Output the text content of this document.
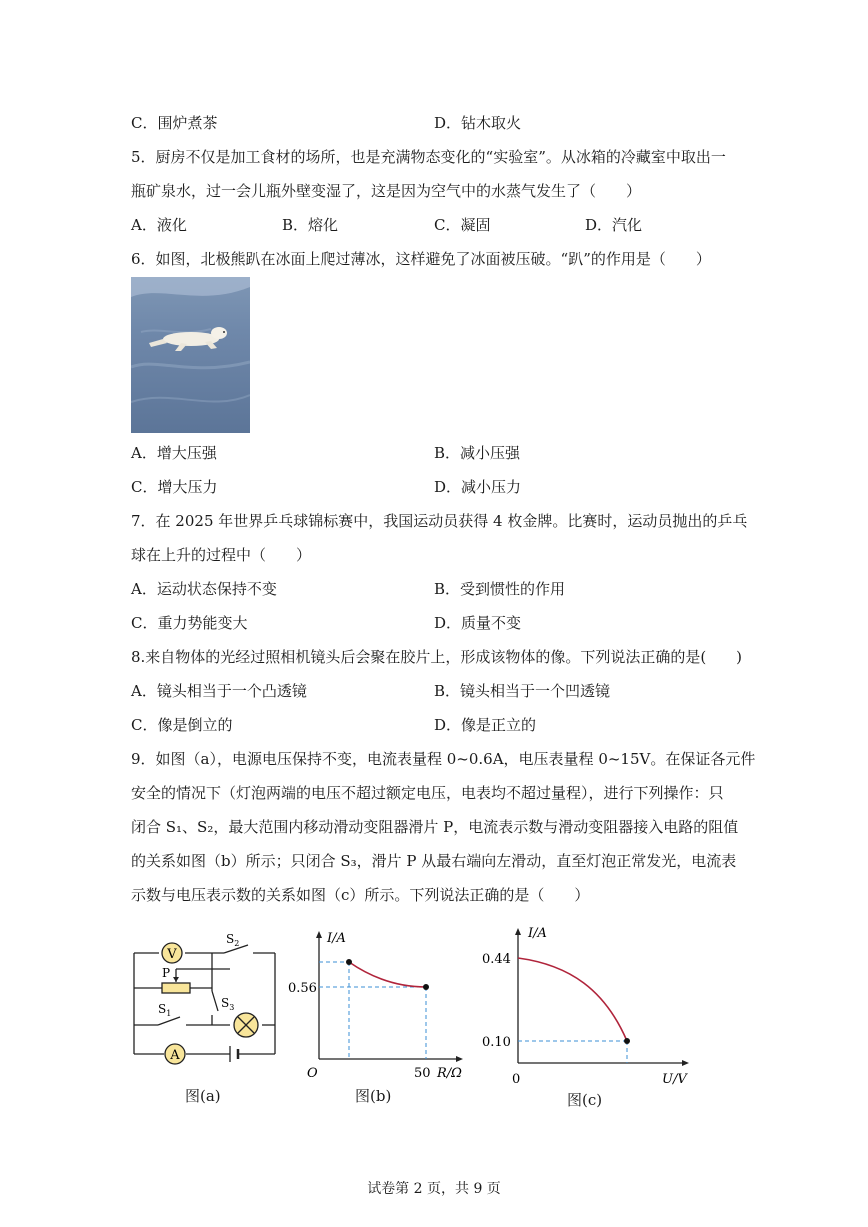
C．围炉煮茶	D．钻木取火
5．厨房不仅是加工食材的场所，也是充满物态变化的“实验室”。从冰箱的冷藏室中取出一
瓶矿泉水，过一会儿瓶外壁变湿了，这是因为空气中的水蒸气发生了（　　）
A．液化	B．熔化	C．凝固	D．汽化
6．如图，北极熊趴在冰面上爬过薄冰，这样避免了冰面被压破。“趴”的作用是（　　）
A．增大压强	B．减小压强
C．增大压力	D．减小压力
7．在 2025 年世界乒乓球锦标赛中，我国运动员获得 4 枚金牌。比赛时，运动员抛出的乒乓
球在上升的过程中（　　）
A．运动状态保持不变	B．受到惯性的作用
C．重力势能变大	D．质量不变
8.来自物体的光经过照相机镜头后会聚在胶片上，形成该物体的像。下列说法正确的是(　　)
A．镜头相当于一个凸透镜	B．镜头相当于一个凹透镜
C．像是倒立的	D．像是正立的
9．如图（a），电源电压保持不变，电流表量程 0~0.6A，电压表量程 0~15V。在保证各元件
安全的情况下（灯泡两端的电压不超过额定电压，电表均不超过量程），进行下列操作：只
闭合 S₁、S₂，最大范围内移动滑动变阻器滑片 P，电流表示数与滑动变阻器接入电路的阻值
的关系如图（b）所示；只闭合 S₃，滑片 P 从最右端向左滑动，直至灯泡正常发光，电流表
示数与电压表示数的关系如图（c）所示。下列说法正确的是（　　）
V
A
$S_2$
P
$S_3$
$S_1$
图(a)
I/A
0.56
O	50 R/Ω
图(b)
I/A
0.44
0.10
0	U/V
图(c)
试卷第 2 页，共 9 页
